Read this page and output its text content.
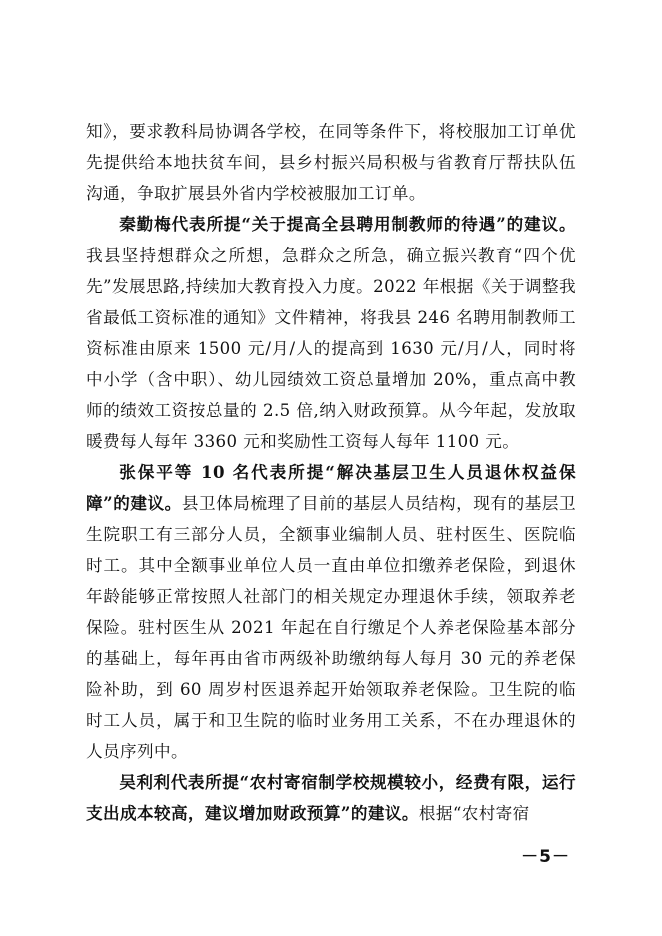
知》，要求教科局协调各学校，在同等条件下，将校服加工订单优先提供给本地扶贫车间，县乡村振兴局积极与省教育厅帮扶队伍沟通，争取扩展县外省内学校被服加工订单。

秦勤梅代表所提“关于提高全县聘用制教师的待遇”的建议。我县坚持想群众之所想，急群众之所急，确立振兴教育“四个优先”发展思路,持续加大教育投入力度。2022 年根据《关于调整我省最低工资标准的通知》文件精神，将我县 246 名聘用制教师工资标准由原来 1500 元/月/人的提高到 1630 元/月/人，同时将中小学（含中职）、幼儿园绩效工资总量增加 20%，重点高中教师的绩效工资按总量的 2.5 倍,纳入财政预算。从今年起，发放取暖费每人每年 3360 元和奖励性工资每人每年 1100 元。

张保平等 10 名代表所提“解决基层卫生人员退休权益保障”的建议。县卫体局梳理了目前的基层人员结构，现有的基层卫生院职工有三部分人员，全额事业编制人员、驻村医生、医院临时工。其中全额事业单位人员一直由单位扣缴养老保险，到退休年龄能够正常按照人社部门的相关规定办理退休手续，领取养老保险。驻村医生从 2021 年起在自行缴足个人养老保险基本部分的基础上，每年再由省市两级补助缴纳每人每月 30 元的养老保险补助，到 60 周岁村医退养起开始领取养老保险。卫生院的临时工人员，属于和卫生院的临时业务用工关系，不在办理退休的人员序列中。

吴利利代表所提“农村寄宿制学校规模较小，经费有限，运行支出成本较高，建议增加财政预算”的建议。根据“农村寄宿

－5－
